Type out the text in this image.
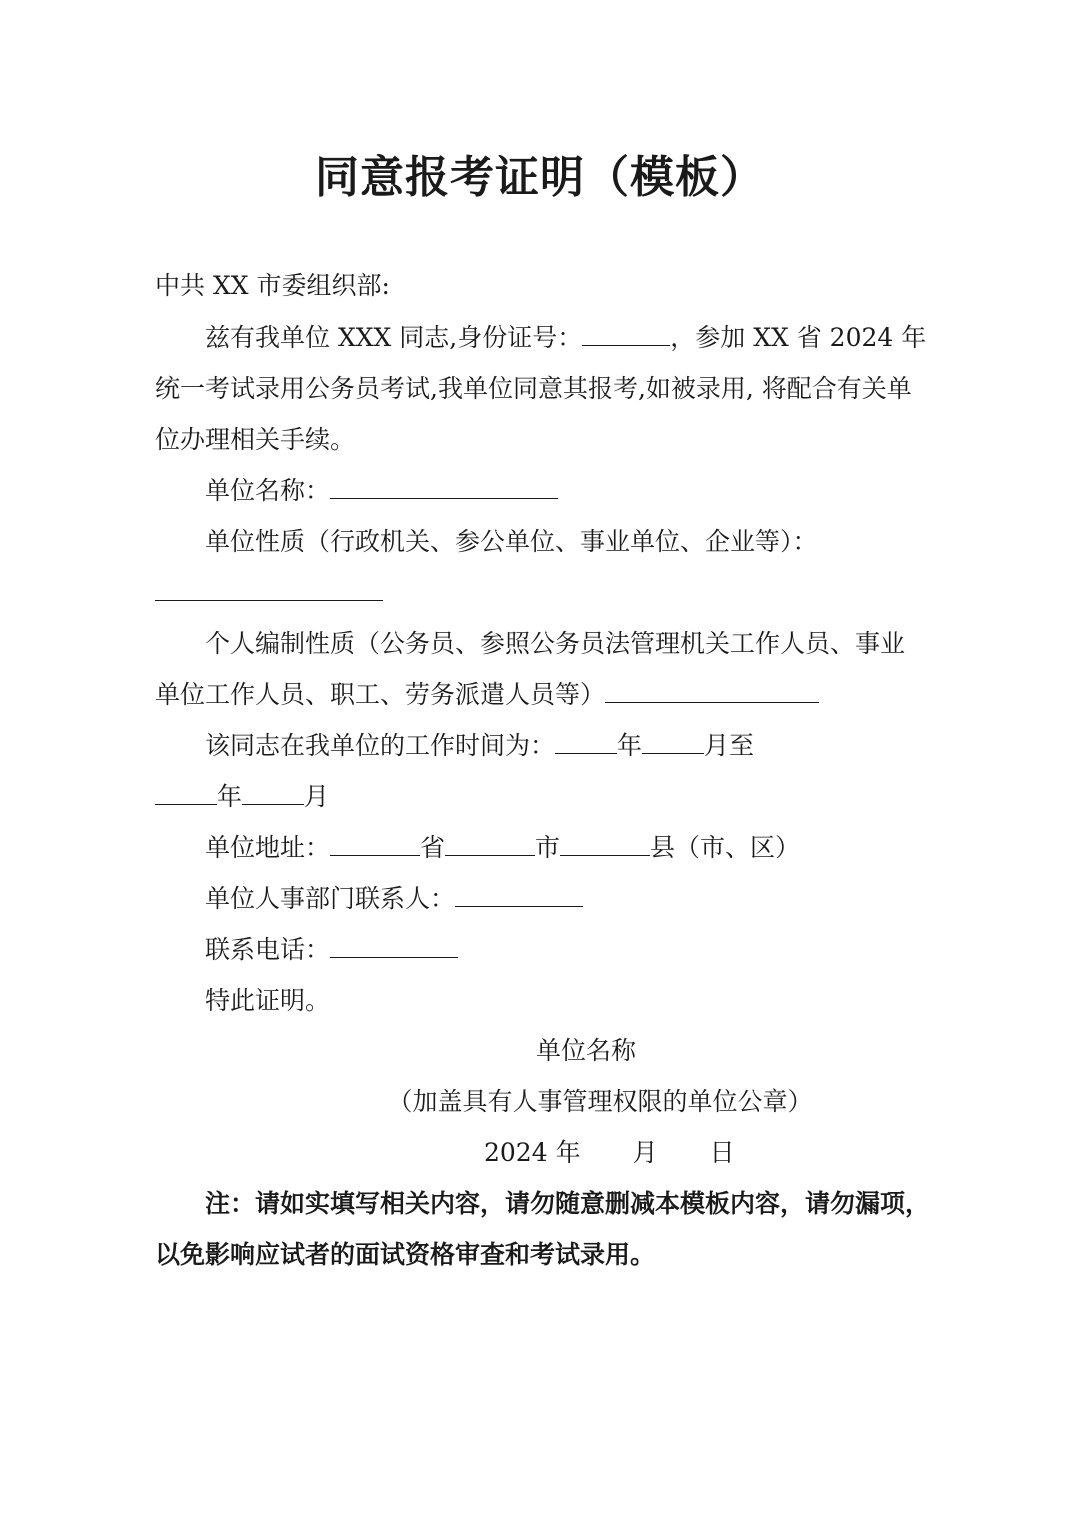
同意报考证明（模板）
中共 XX 市委组织部:
兹有我单位 XXX 同志,身份证号：	，参加 XX 省 2024 年
统一考试录用公务员考试,我单位同意其报考,如被录用, 将配合有关单
位办理相关手续。
单位名称：
单位性质（行政机关、参公单位、事业单位、企业等）：
个人编制性质（公务员、参照公务员法管理机关工作人员、事业
单位工作人员、职工、劳务派遣人员等）
该同志在我单位的工作时间为： 年 月至
年 月
单位地址：	省	市	县（市、区）
单位人事部门联系人：
联系电话：
特此证明。
单位名称
（加盖具有人事管理权限的单位公章）
2024 年 月 日
注：请如实填写相关内容，请勿随意删减本模板内容，请勿漏项，
以免影响应试者的面试资格审查和考试录用。
